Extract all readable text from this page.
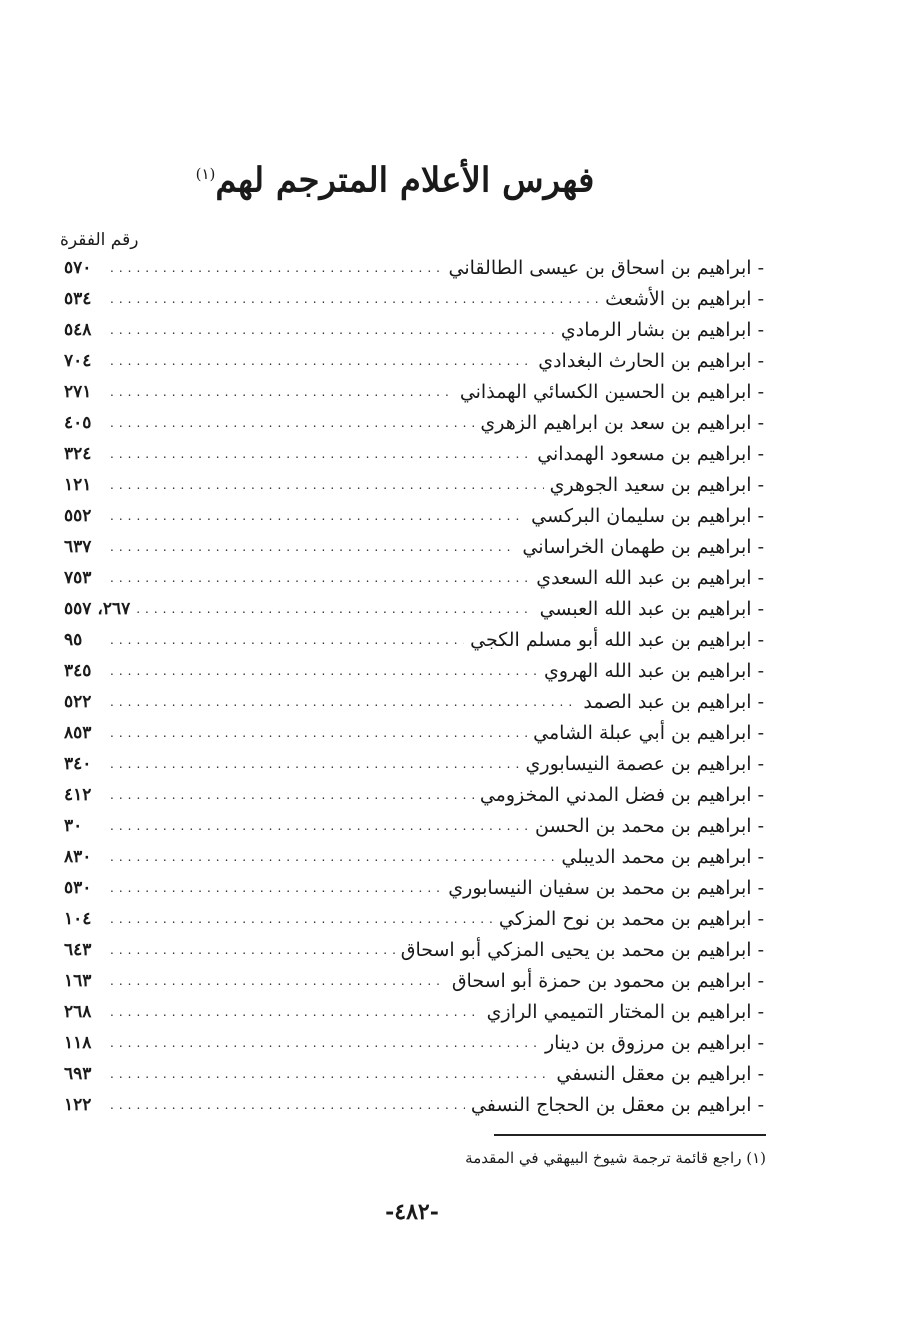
فهرس الأعلام المترجم لهم$^{(١)}$
رقم الفقرة
- ابراهيم بن اسحاق بن عيسى الطالقاني
.....
٥٧٠
- ابراهيم بن الأشعث
.....
٥٣٤
- ابراهيم بن بشار الرمادي
.....
٥٤٨
- ابراهيم بن الحارث البغدادي
.....
٧٠٤
- ابراهيم بن الحسين الكسائي الهمذاني
.....
٢٧١
- ابراهيم بن سعد بن ابراهيم الزهري
.....
٤٠٥
- ابراهيم بن مسعود الهمداني
.....
٣٢٤
- ابراهيم بن سعيد الجوهري
.....
١٢١
- ابراهيم بن سليمان البركسي
.....
٥٥٢
- ابراهيم بن طهمان الخراساني
.....
٦٣٧
- ابراهيم بن عبد الله السعدي
.....
٧٥٣
- ابراهيم بن عبد الله العبسي
.....
٢٦٧، ٥٥٧
- ابراهيم بن عبد الله أبو مسلم الكجي
.....
٩٥
- ابراهيم بن عبد الله الهروي
.....
٣٤٥
- ابراهيم بن عبد الصمد
.....
٥٢٢
- ابراهيم بن أبي عبلة الشامي
.....
٨٥٣
- ابراهيم بن عصمة النيسابوري
.....
٣٤٠
- ابراهيم بن فضل المدني المخزومي
.....
٤١٢
- ابراهيم بن محمد بن الحسن
.....
٣٠
- ابراهيم بن محمد الديبلي
.....
٨٣٠
- ابراهيم بن محمد بن سفيان النيسابوري
.....
٥٣٠
- ابراهيم بن محمد بن نوح المزكي
.....
١٠٤
- ابراهيم بن محمد بن يحيى المزكي أبو اسحاق
.....
٦٤٣
- ابراهيم بن محمود بن حمزة أبو اسحاق
.....
١٦٣
- ابراهيم بن المختار التميمي الرازي
.....
٢٦٨
- ابراهيم بن مرزوق بن دينار
.....
١١٨
- ابراهيم بن معقل النسفي
.....
٦٩٣
- ابراهيم بن معقل بن الحجاج النسفي
.....
١٢٢
(١) راجع قائمة ترجمة شيوخ البيهقي في المقدمة
-٤٨٢-
